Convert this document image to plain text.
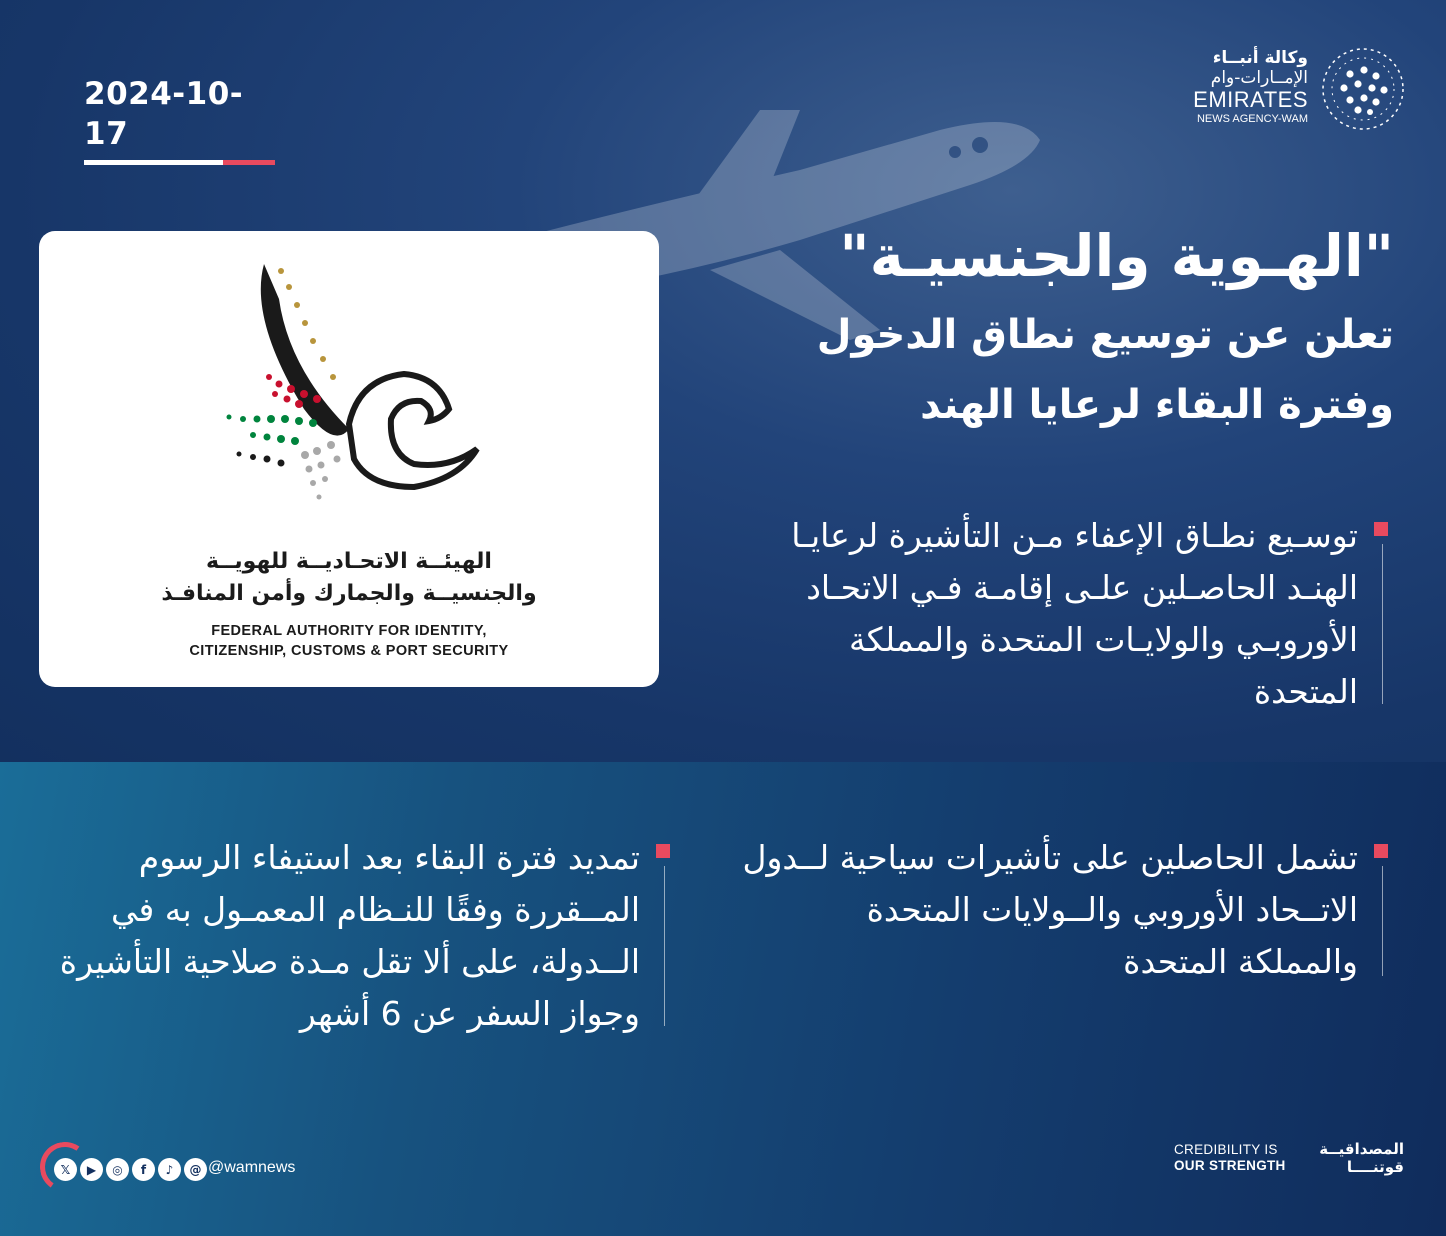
2024-10-17
وكالة أنبــاء
الإمــارات-وام
EMIRATES
NEWS AGENCY-WAM
الهيئــة الاتحـاديــة للهويــة
والجنسيــة والجمارك وأمن المنافـذ
FEDERAL AUTHORITY FOR IDENTITY,
CITIZENSHIP, CUSTOMS & PORT SECURITY
"الهـوية والجنسيـة"
تعلن عن توسيع نطاق الدخول
وفترة البقاء لرعايا الهند
توسـيع نطـاق الإعفاء مـن التأشيرة لرعايـا الهنـد الحاصـلين علـى إقامـة فـي الاتحـاد الأوروبـي والولايـات المتحدة والمملكة المتحدة
تشمل الحاصلين على تأشيرات سياحية لــدول الاتــحاد الأوروبي والــولايات المتحدة والمملكة المتحدة
تمديد فترة البقاء بعد استيفاء الرسوم المــقررة وفقًا للنـظام المعمـول به في الــدولة، على ألا تقل مـدة صلاحية التأشيرة وجواز السفر عن 6 أشهر
𝕏	▶	◎	f	♪	@ @wamnews
CREDIBILITY IS
OUR STRENGTH
المصداقيــة
قوتنــــا
